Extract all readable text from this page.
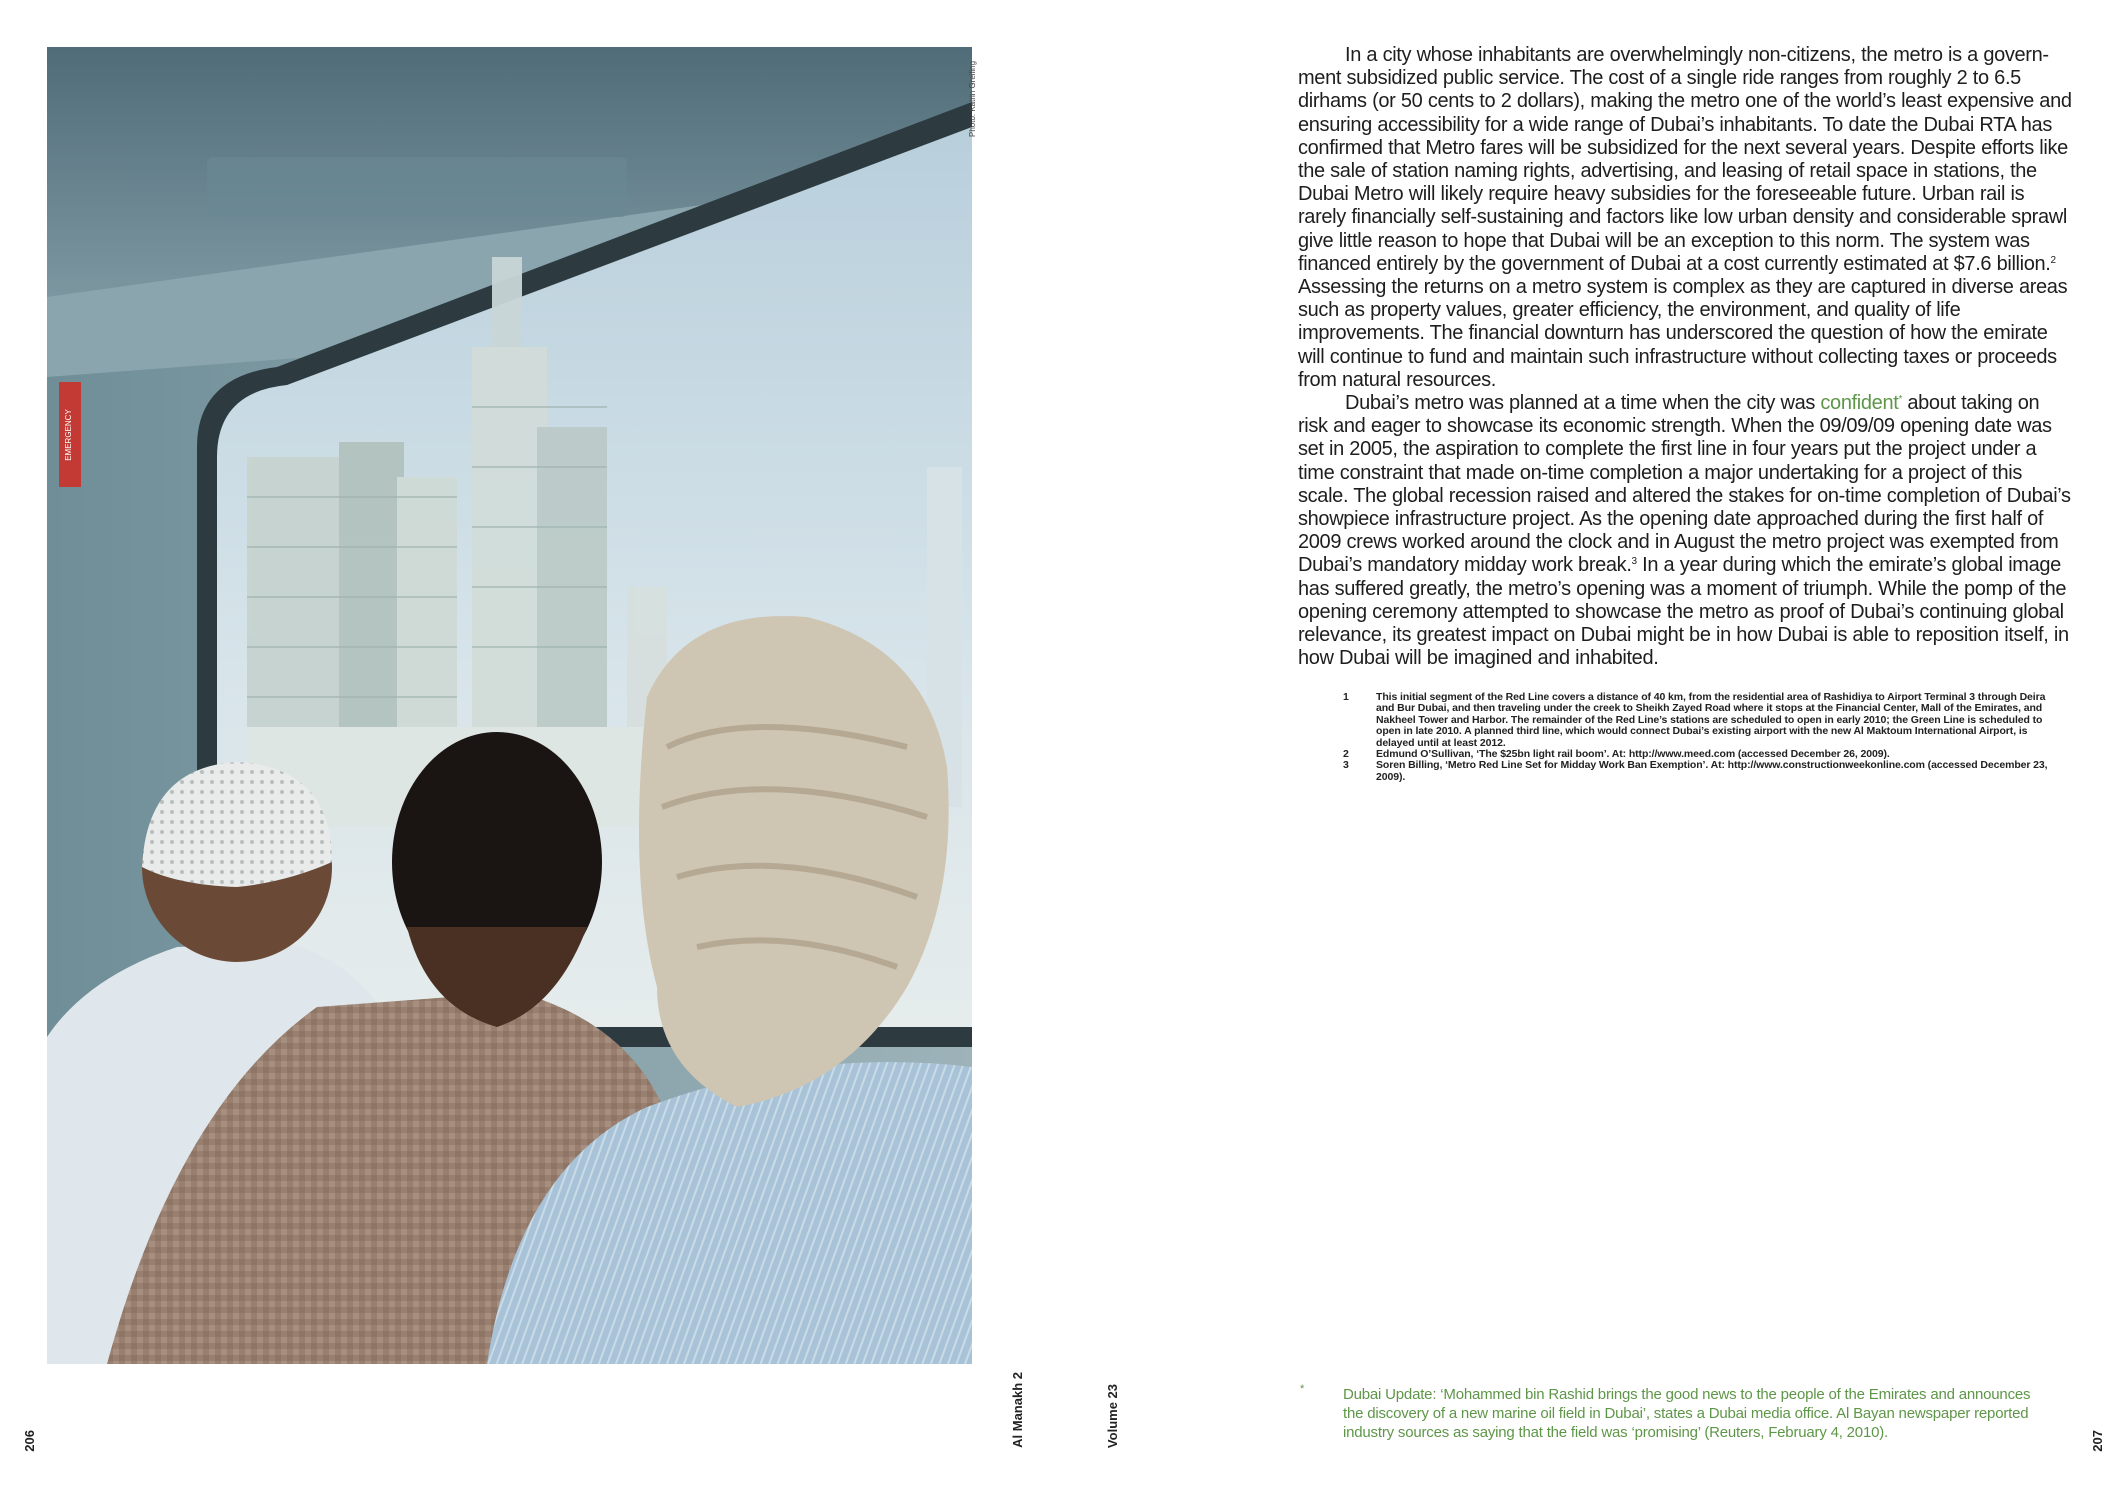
EMERGENCY
Photo: Katrin Greiling

In a city whose inhabitants are overwhelmingly non-citizens, the metro is a government subsidized public service. The cost of a single ride ranges from roughly 2 to 6.5 dirhams (or 50 cents to 2 dollars), making the metro one of the world’s least expensive and ensuring accessibility for a wide range of Dubai’s inhabitants. To date the Dubai RTA has confirmed that Metro fares will be subsidized for the next several years. Despite efforts like the sale of station naming rights, advertising, and leasing of retail space in stations, the Dubai Metro will likely require heavy subsidies for the foreseeable future. Urban rail is rarely financially self-sustaining and factors like low urban density and considerable sprawl give little reason to hope that Dubai will be an exception to this norm. The system was financed entirely by the government of Dubai at a cost currently estimated at $7.6 billion.$^2$ Assessing the returns on a metro system is complex as they are captured in diverse areas such as property values, greater efficiency, the environment, and quality of life improvements. The financial downturn has underscored the question of how the emirate will continue to fund and maintain such infrastructure without collecting taxes or proceeds from natural resources.

Dubai’s metro was planned at a time when the city was confident* about taking on risk and eager to showcase its economic strength. When the 09/09/09 opening date was set in 2005, the aspiration to complete the first line in four years put the project under a time constraint that made on-time completion a major undertaking for a project of this scale. The global recession raised and altered the stakes for on-time completion of Dubai’s showpiece infrastructure project. As the opening date approached during the first half of 2009 crews worked around the clock and in August the metro project was exempted from Dubai’s mandatory midday work break.$^3$ In a year during which the emirate’s global image has suffered greatly, the metro’s opening was a moment of triumph. While the pomp of the opening ceremony attempted to showcase the metro as proof of Dubai’s continuing global relevance, its greatest impact on Dubai might be in how Dubai is able to reposition itself, in how Dubai will be imagined and inhabited.

1	This initial segment of the Red Line covers a distance of 40 km, from the residential area of Rashidiya to Airport Terminal 3 through Deira and Bur Dubai, and then traveling under the creek to Sheikh Zayed Road where it stops at the Financial Center, Mall of the Emirates, and Nakheel Tower and Harbor. The remainder of the Red Line’s stations are scheduled to open in early 2010; the Green Line is scheduled to open in late 2010. A planned third line, which would connect Dubai’s existing airport with the new Al Maktoum International Airport, is delayed until at least 2012.
2	Edmund O’Sullivan, ‘The $25bn light rail boom’. At: http://www.meed.com (accessed December 26, 2009).
3	Soren Billing, ‘Metro Red Line Set for Midday Work Ban Exemption’. At: http://www.constructionweekonline.com (accessed December 23, 2009).
*	Dubai Update: ‘Mohammed bin Rashid brings the good news to the people of the Emirates and announces the discovery of a new marine oil field in Dubai’, states a Dubai media office. Al Bayan newspaper reported industry sources as saying that the field was ‘promising’ (Reuters, February 4, 2010).
206	Al Manakh 2	Volume 23	207
